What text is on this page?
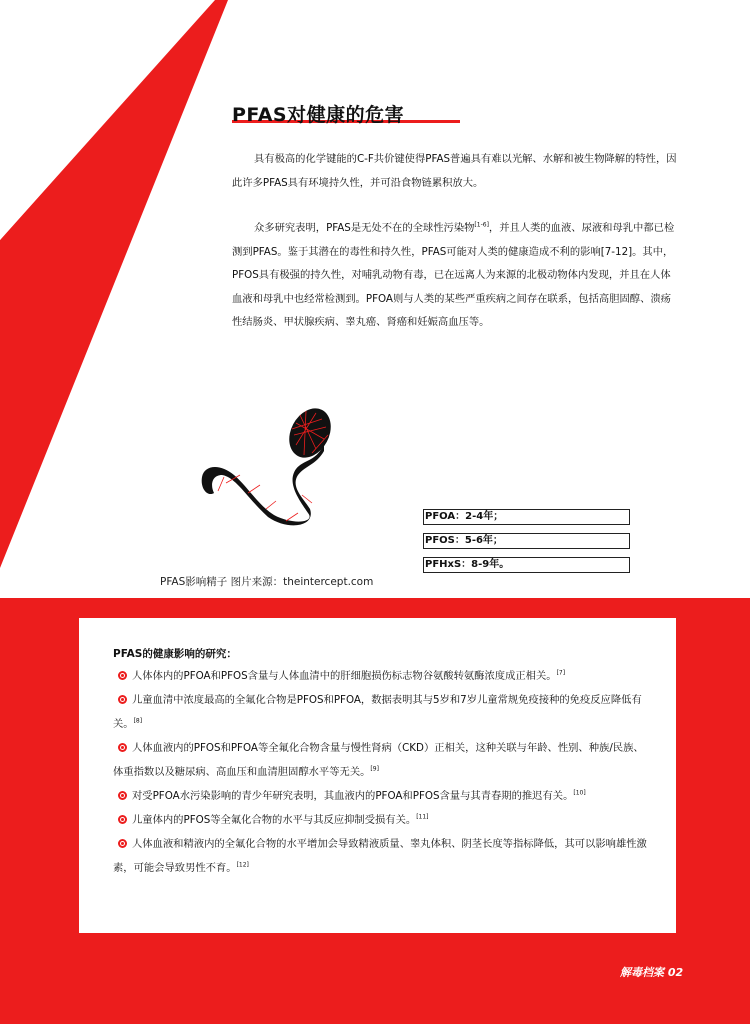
PFAS对健康的危害

具有极高的化学键能的C-F共价键使得PFAS普遍具有难以光解、水解和被生物降解的特性，因此许多PFAS具有环境持久性，并可沿食物链累积放大。

众多研究表明，PFAS是无处不在的全球性污染物[1-6]，并且人类的血液、尿液和母乳中都已检测到PFAS。鉴于其潜在的毒性和持久性，PFAS可能对人类的健康造成不利的影响[7-12]。其中，PFOS具有极强的持久性，对哺乳动物有毒，已在远离人为来源的北极动物体内发现，并且在人体血液和母乳中也经常检测到。PFOA则与人类的某些严重疾病之间存在联系，包括高胆固醇、溃疡性结肠炎、甲状腺疾病、睾丸癌、肾癌和妊娠高血压等。

PFAS影响精子 图片来源：theintercept.com

PFAS在人体内的时间：

长链PFAS在人体内估计的半衰期为2-9年，

具体如下：

PFOA：2-4年；
PFOS：5-6年；
PFHxS：8-9年。

PFAS的健康影响的研究：

人体体内的PFOA和PFOS含量与人体血清中的肝细胞损伤标志物谷氨酸转氨酶浓度成正相关。[7]
儿童血清中浓度最高的全氟化合物是PFOS和PFOA，数据表明其与5岁和7岁儿童常规免疫接种的免疫反应降低有关。[8]
人体血液内的PFOS和PFOA等全氟化合物含量与慢性肾病（CKD）正相关，这种关联与年龄、性别、种族/民族、体重指数以及糖尿病、高血压和血清胆固醇水平等无关。[9]
对受PFOA水污染影响的青少年研究表明，其血液内的PFOA和PFOS含量与其青春期的推迟有关。[10]
儿童体内的PFOS等全氟化合物的水平与其反应抑制受损有关。[11]
人体血液和精液内的全氟化合物的水平增加会导致精液质量、睾丸体积、阴茎长度等指标降低，其可以影响雄性激素，可能会导致男性不育。[12]

解毒档案 02
